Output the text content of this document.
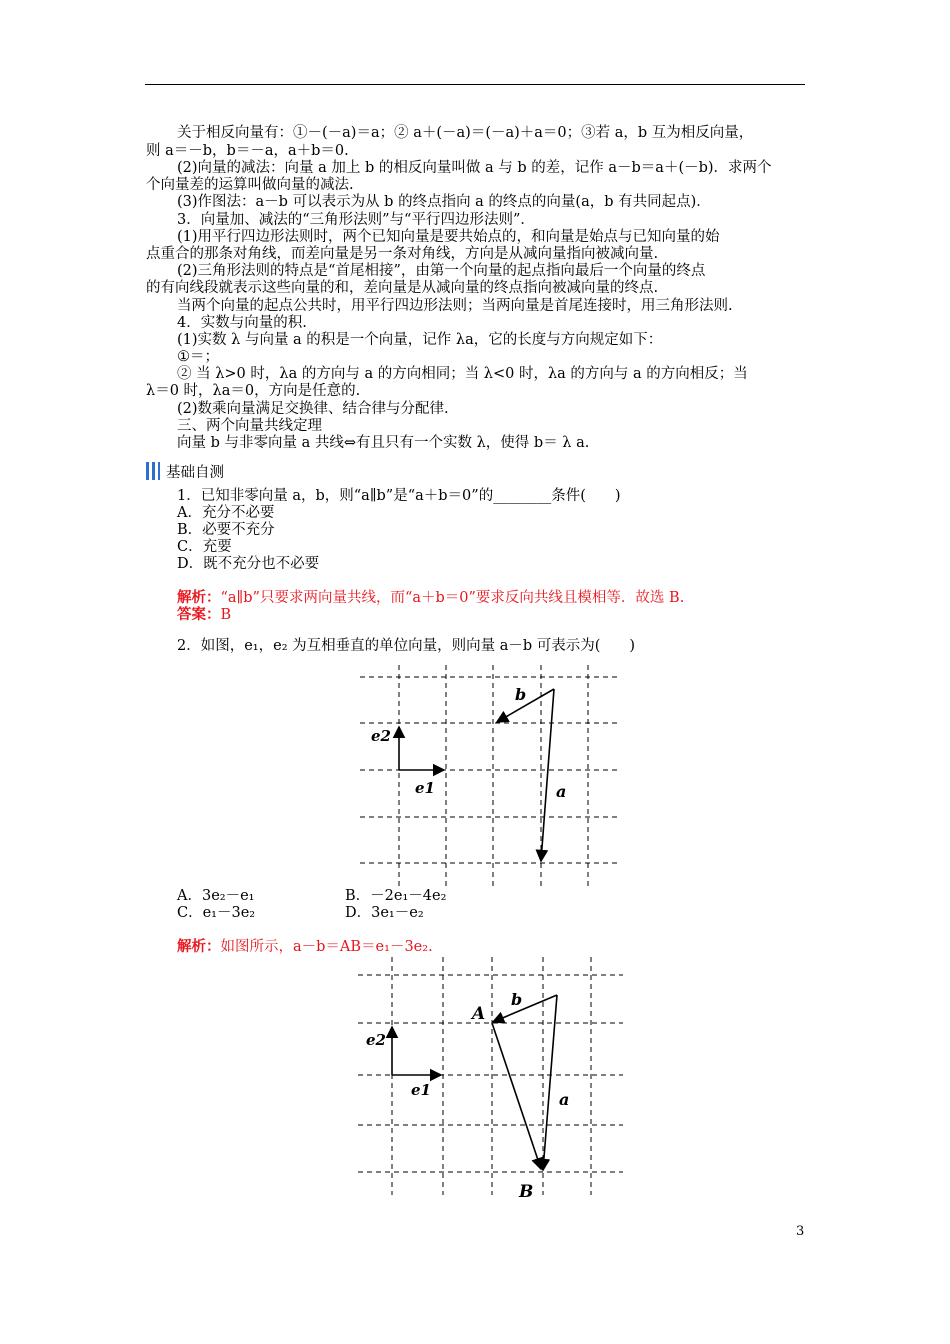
关于相反向量有：①－(－a)＝a；② a＋(－a)＝(－a)＋a＝0；③若 a，b 互为相反向量，
则 a＝－b，b＝－a，a＋b＝0.
(2)向量的减法：向量 a 加上 b 的相反向量叫做 a 与 b 的差，记作 a－b＝a＋(－b)．求两个
个向量差的运算叫做向量的减法.
(3)作图法：a－b 可以表示为从 b 的终点指向 a 的终点的向量(a，b 有共同起点)．
3．向量加、减法的“三角形法则”与“平行四边形法则”．
(1)用平行四边形法则时，两个已知向量是要共始点的，和向量是始点与已知向量的始
点重合的那条对角线，而差向量是另一条对角线，方向是从减向量指向被减向量.
(2)三角形法则的特点是“首尾相接”，由第一个向量的起点指向最后一个向量的终点
的有向线段就表示这些向量的和，差向量是从减向量的终点指向被减向量的终点.
当两个向量的起点公共时，用平行四边形法则；当两向量是首尾连接时，用三角形法则.
4．实数与向量的积.
(1)实数 λ 与向量 a 的积是一个向量，记作 λa，它的长度与方向规定如下：
①＝；
② 当 λ>0 时，λa 的方向与 a 的方向相同；当 λ<0 时，λa 的方向与 a 的方向相反；当
λ＝0 时，λa＝0，方向是任意的.
(2)数乘向量满足交换律、结合律与分配律.
三、两个向量共线定理
向量 b 与非零向量 a 共线⇔有且只有一个实数 λ，使得 b＝ λ a.
基础自测
1．已知非零向量 a，b，则“a∥b”是“a＋b＝0”的________条件(　　)
A．充分不必要
B．必要不充分
C．充要
D．既不充分也不必要
解析：“a∥b”只要求两向量共线，而“a＋b＝0”要求反向共线且模相等．故选 B.
答案：B
2．如图，e₁，e₂ 为互相垂直的单位向量，则向量 a－b 可表示为(　　)
b
a
e2
e1
A．3e₂－e₁	B．－2e₁－4e₂
C．e₁－3e₂	D．3e₁－e₂
解析：如图所示，a－b＝AB＝e₁－3e₂.
b
a
e2
e1
A
B
3
